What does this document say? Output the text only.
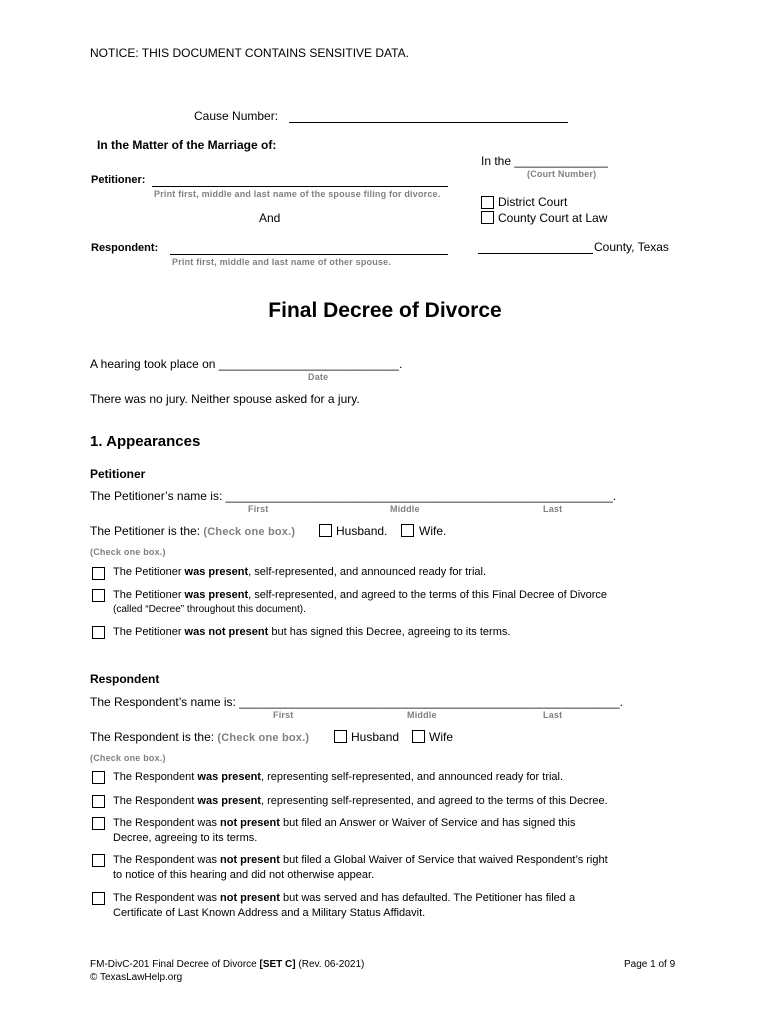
NOTICE: THIS DOCUMENT CONTAINS SENSITIVE DATA.
Cause Number:
In the Matter of the Marriage of:
Petitioner:
Print first, middle and last name of the spouse filing for divorce.
And
Respondent:
Print first, middle and last name of other spouse.
In the ______________
(Court Number)
District Court
County Court at Law
County, Texas
Final Decree of Divorce
A hearing took place on ___________________________.
Date
There was no jury. Neither spouse asked for a jury.
1. Appearances
Petitioner
The Petitioner’s name is: __________________________________________________________.
First	Middle	Last
The Petitioner is the: (Check one box.)	Husband.	Wife.
(Check one box.)
The Petitioner was present, self-represented, and announced ready for trial.
The Petitioner was present, self-represented, and agreed to the terms of this Final Decree of Divorce
(called “Decree” throughout this document).
The Petitioner was not present but has signed this Decree, agreeing to its terms.
Respondent
The Respondent’s name is: _________________________________________________________.
First	Middle	Last
The Respondent is the: (Check one box.)	Husband Wife
(Check one box.)
The Respondent was present, representing self-represented, and announced ready for trial.
The Respondent was present, representing self-represented, and agreed to the terms of this Decree.
The Respondent was not present but filed an Answer or Waiver of Service and has signed this
Decree, agreeing to its terms.
The Respondent was not present but filed a Global Waiver of Service that waived Respondent’s right
to notice of this hearing and did not otherwise appear.
The Respondent was not present but was served and has defaulted. The Petitioner has filed a
Certificate of Last Known Address and a Military Status Affidavit.
FM-DivC-201 Final Decree of Divorce [SET C] (Rev. 06-2021)
© TexasLawHelp.org
Page 1 of 9
